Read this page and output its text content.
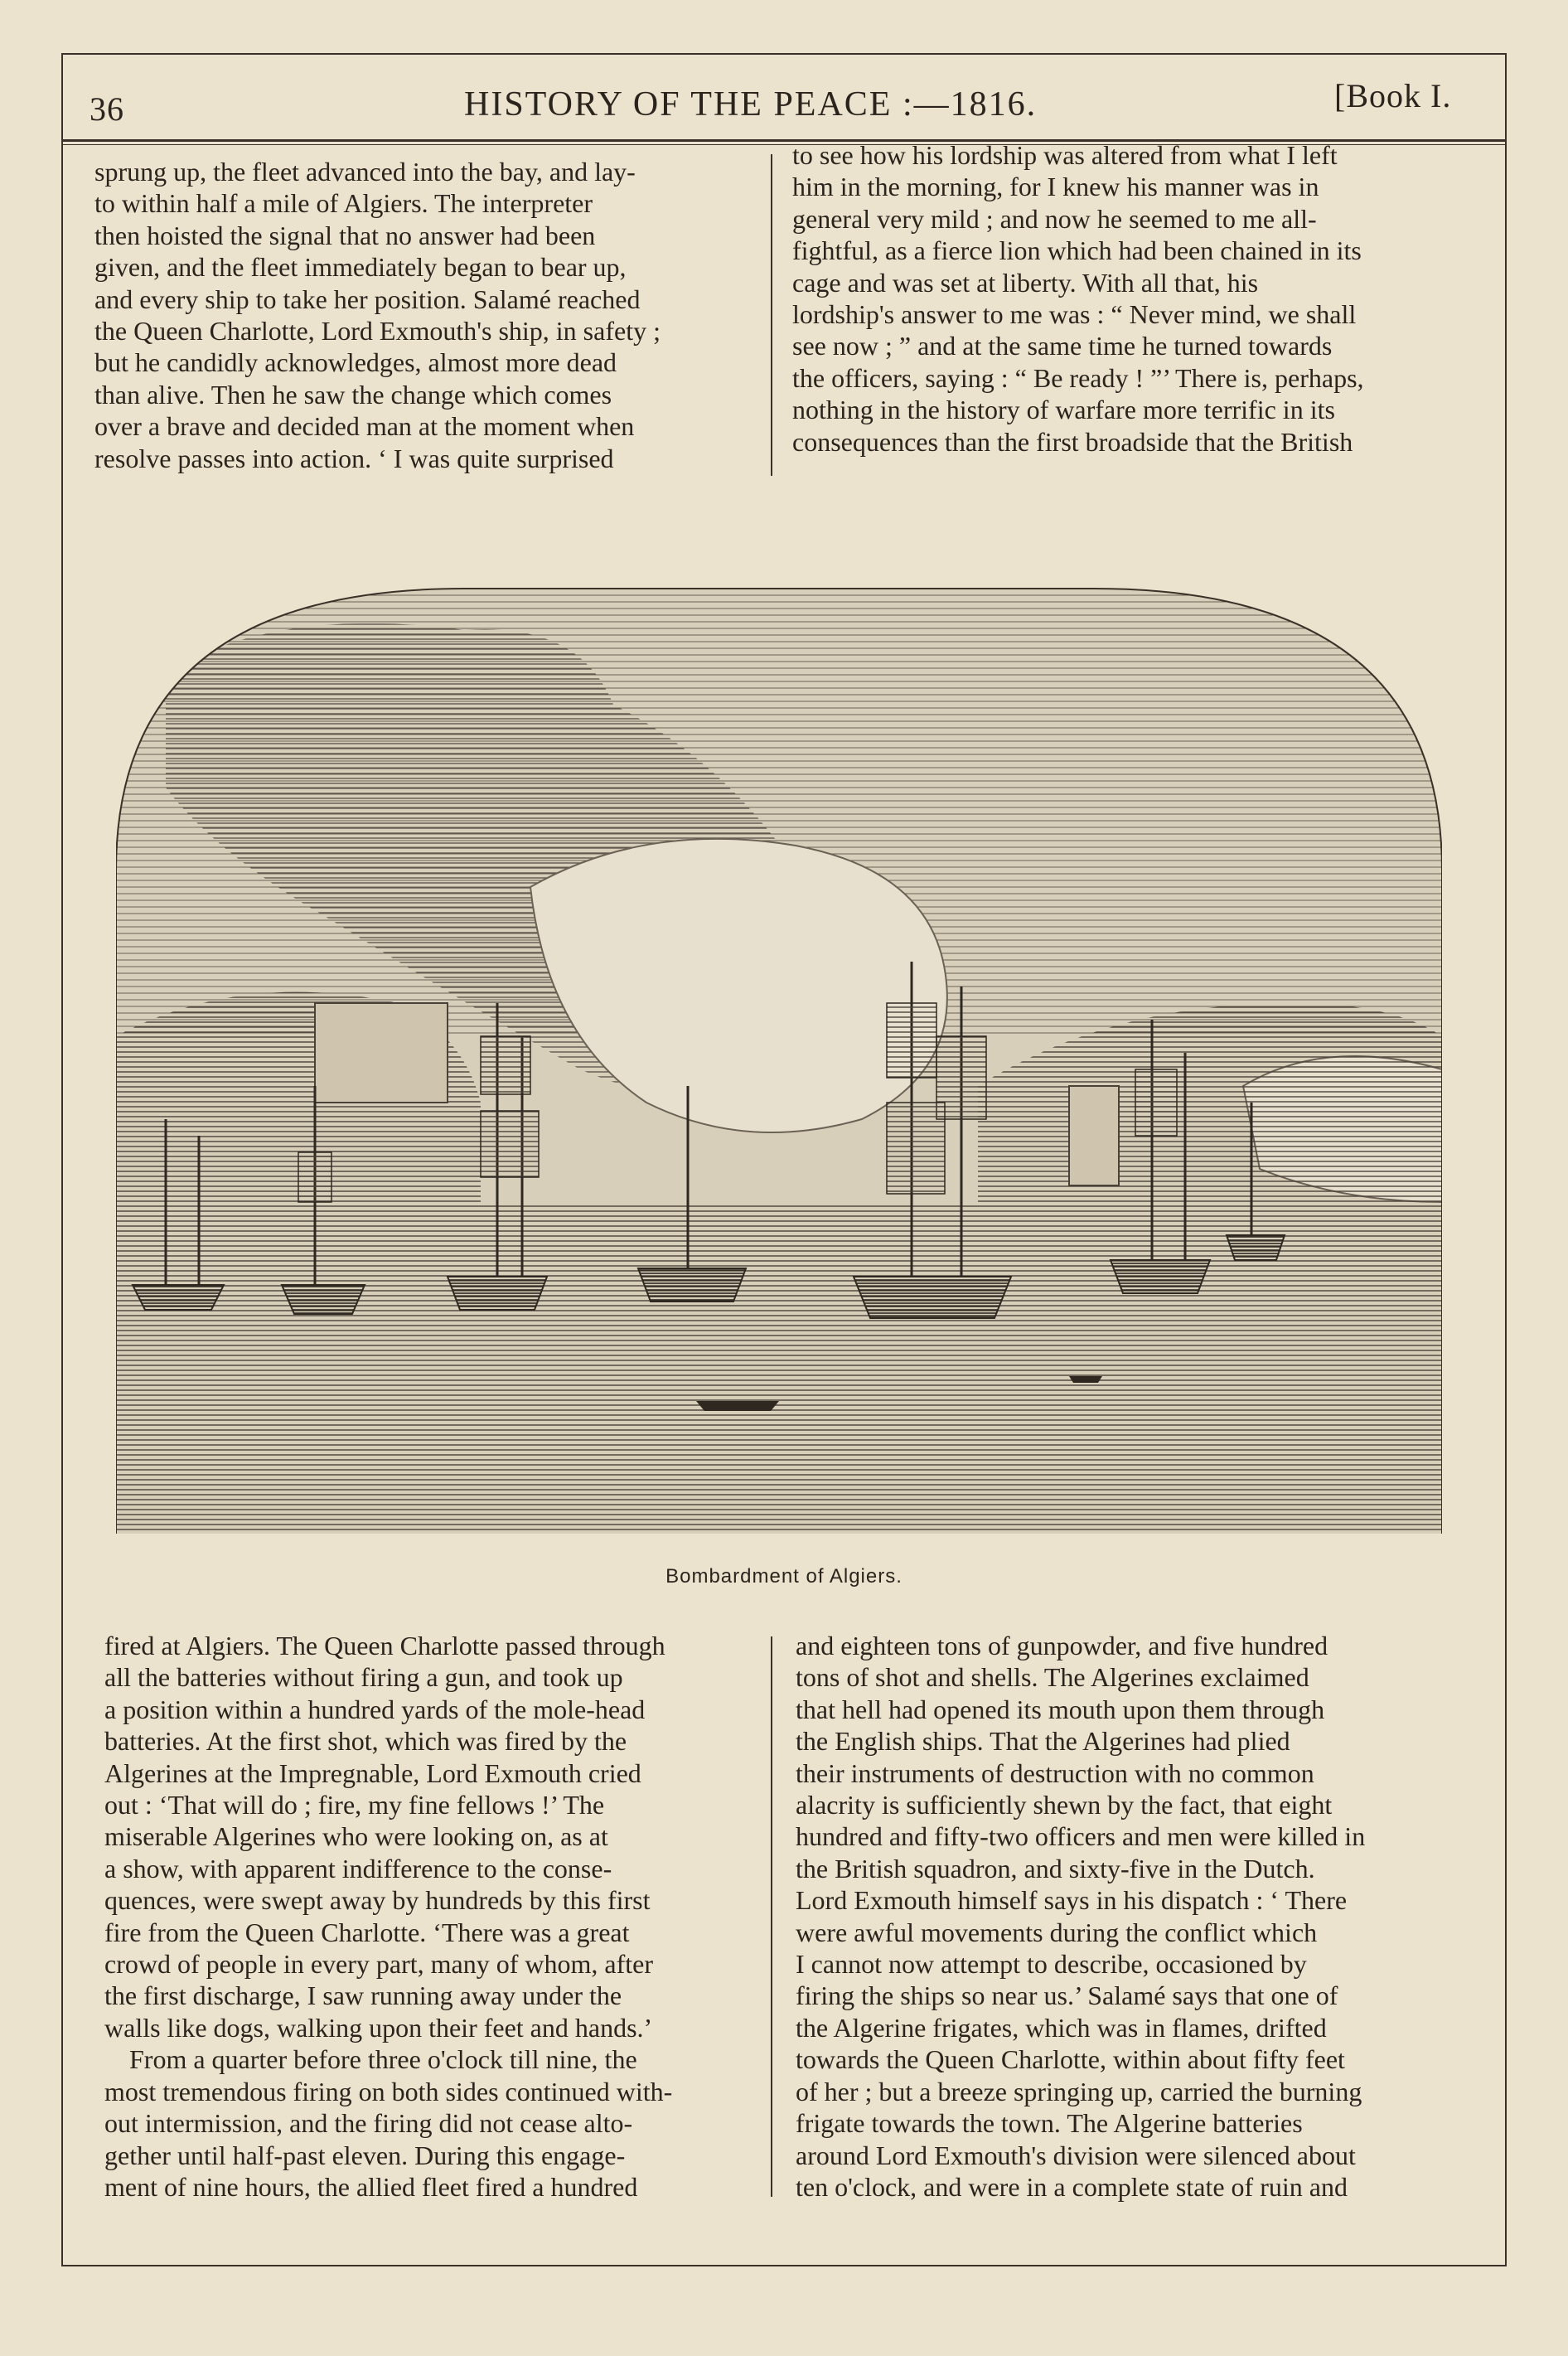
36	HISTORY OF THE PEACE :—1816.	[Book I.

sprung up, the fleet advanced into the bay, and lay-

to within half a mile of Algiers. The interpreter

then hoisted the signal that no answer had been

given, and the fleet immediately began to bear up,

and every ship to take her position. Salamé reached

the Queen Charlotte, Lord Exmouth's ship, in safety ;

but he candidly acknowledges, almost more dead

than alive. Then he saw the change which comes

over a brave and decided man at the moment when

resolve passes into action. ‘ I was quite surprised

to see how his lordship was altered from what I left

him in the morning, for I knew his manner was in

general very mild ; and now he seemed to me all-

fightful, as a fierce lion which had been chained in its

cage and was set at liberty. With all that, his

lordship's answer to me was : “ Never mind, we shall

see now ; ” and at the same time he turned towards

the officers, saying : “ Be ready ! ”’ There is, perhaps,

nothing in the history of warfare more terrific in its

consequences than the first broadside that the British

Bombardment of Algiers.

fired at Algiers. The Queen Charlotte passed through

all the batteries without firing a gun, and took up

a position within a hundred yards of the mole-head

batteries. At the first shot, which was fired by the

Algerines at the Impregnable, Lord Exmouth cried

out : ‘That will do ; fire, my fine fellows !’ The

miserable Algerines who were looking on, as at

a show, with apparent indifference to the conse-

quences, were swept away by hundreds by this first

fire from the Queen Charlotte. ‘There was a great

crowd of people in every part, many of whom, after

the first discharge, I saw running away under the

walls like dogs, walking upon their feet and hands.’

From a quarter before three o'clock till nine, the

most tremendous firing on both sides continued with-

out intermission, and the firing did not cease alto-

gether until half-past eleven. During this engage-

ment of nine hours, the allied fleet fired a hundred

and eighteen tons of gunpowder, and five hundred

tons of shot and shells. The Algerines exclaimed

that hell had opened its mouth upon them through

the English ships. That the Algerines had plied

their instruments of destruction with no common

alacrity is sufficiently shewn by the fact, that eight

hundred and fifty-two officers and men were killed in

the British squadron, and sixty-five in the Dutch.

Lord Exmouth himself says in his dispatch : ‘ There

were awful movements during the conflict which

I cannot now attempt to describe, occasioned by

firing the ships so near us.’ Salamé says that one of

the Algerine frigates, which was in flames, drifted

towards the Queen Charlotte, within about fifty feet

of her ; but a breeze springing up, carried the burning

frigate towards the town. The Algerine batteries

around Lord Exmouth's division were silenced about

ten o'clock, and were in a complete state of ruin and
